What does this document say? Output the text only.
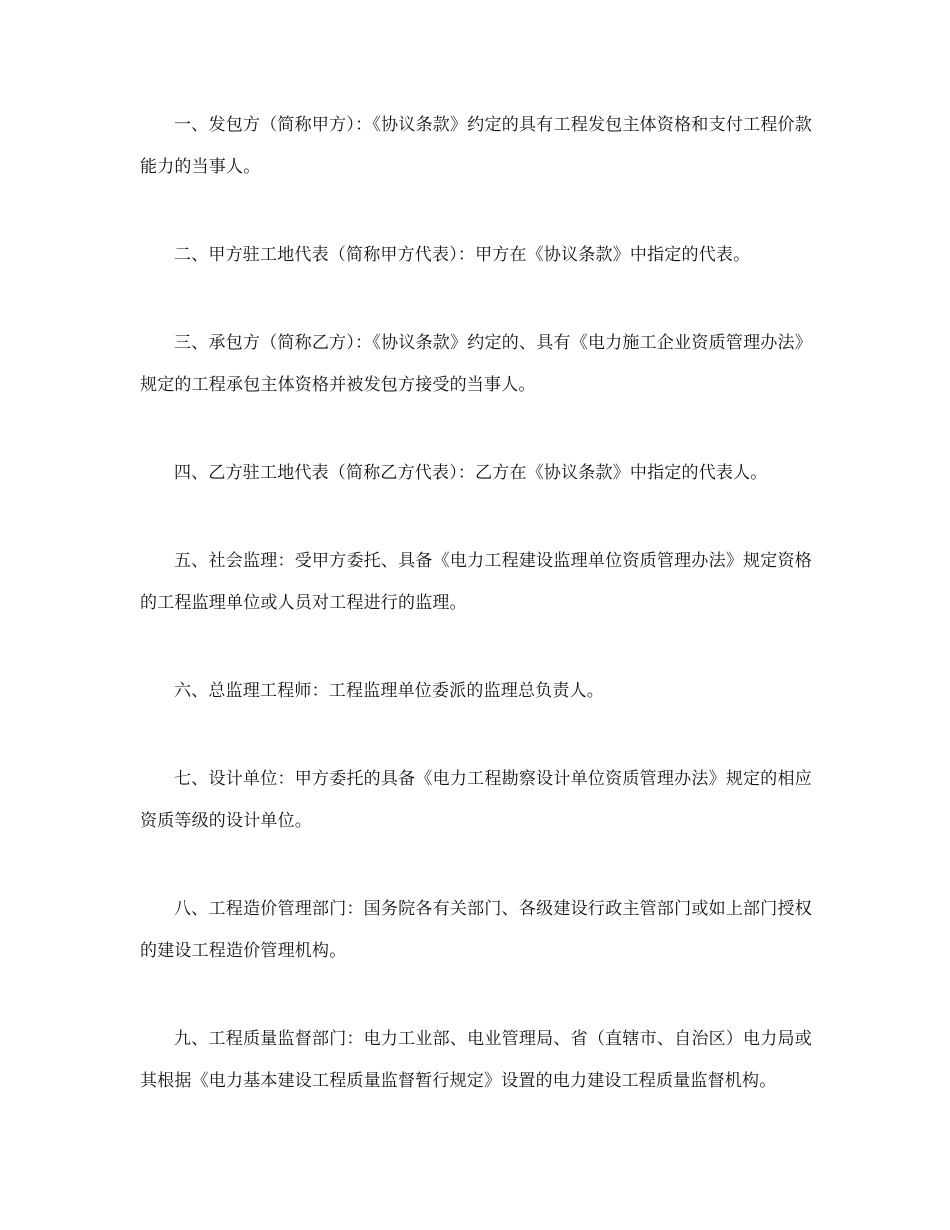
一、发包方（简称甲方）：《协议条款》约定的具有工程发包主体资格和支付工程价款能力的当事人。

二、甲方驻工地代表（简称甲方代表）：甲方在《协议条款》中指定的代表。

三、承包方（简称乙方）：《协议条款》约定的、具有《电力施工企业资质管理办法》规定的工程承包主体资格并被发包方接受的当事人。

四、乙方驻工地代表（简称乙方代表）：乙方在《协议条款》中指定的代表人。

五、社会监理：受甲方委托、具备《电力工程建设监理单位资质管理办法》规定资格的工程监理单位或人员对工程进行的监理。

六、总监理工程师：工程监理单位委派的监理总负责人。

七、设计单位：甲方委托的具备《电力工程勘察设计单位资质管理办法》规定的相应资质等级的设计单位。

八、工程造价管理部门：国务院各有关部门、各级建设行政主管部门或如上部门授权的建设工程造价管理机构。

九、工程质量监督部门：电力工业部、电业管理局、省（直辖市、自治区）电力局或其根据《电力基本建设工程质量监督暂行规定》设置的电力建设工程质量监督机构。
